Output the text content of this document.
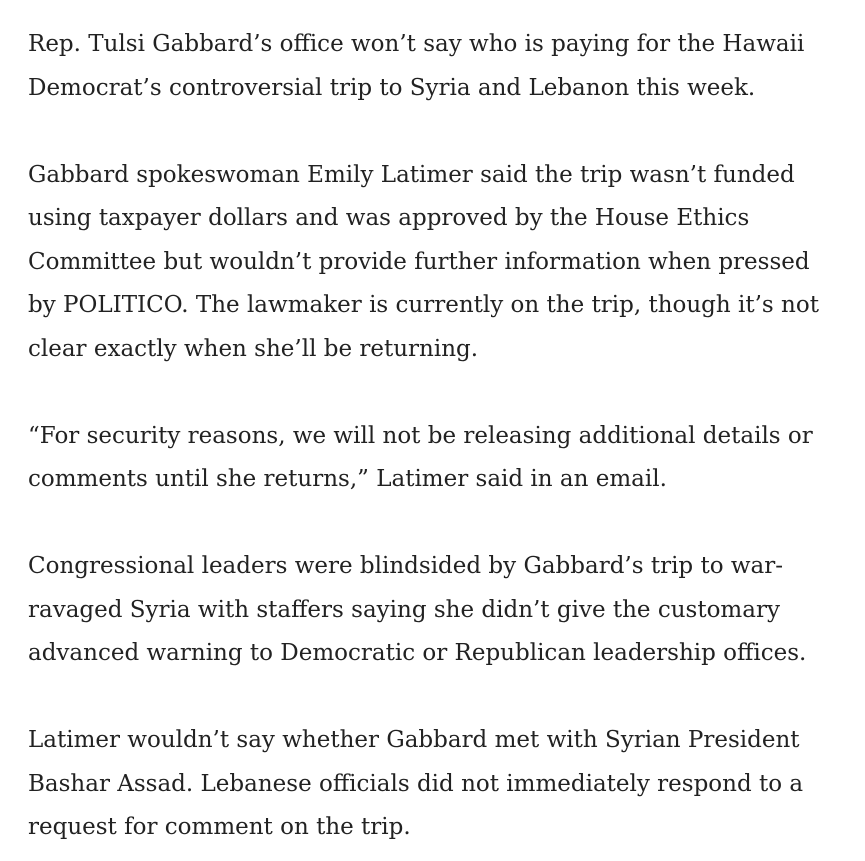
Rep. Tulsi Gabbard’s office won’t say who is paying for the Hawaii
Democrat’s controversial trip to Syria and Lebanon this week.

Gabbard spokeswoman Emily Latimer said the trip wasn’t funded
using taxpayer dollars and was approved by the House Ethics
Committee but wouldn’t provide further information when pressed
by POLITICO. The lawmaker is currently on the trip, though it’s not
clear exactly when she’ll be returning.

“For security reasons, we will not be releasing additional details or
comments until she returns,” Latimer said in an email.

Congressional leaders were blindsided by Gabbard’s trip to war-
ravaged Syria with staffers saying she didn’t give the customary
advanced warning to Democratic or Republican leadership offices.

Latimer wouldn’t say whether Gabbard met with Syrian President
Bashar Assad. Lebanese officials did not immediately respond to a
request for comment on the trip.
